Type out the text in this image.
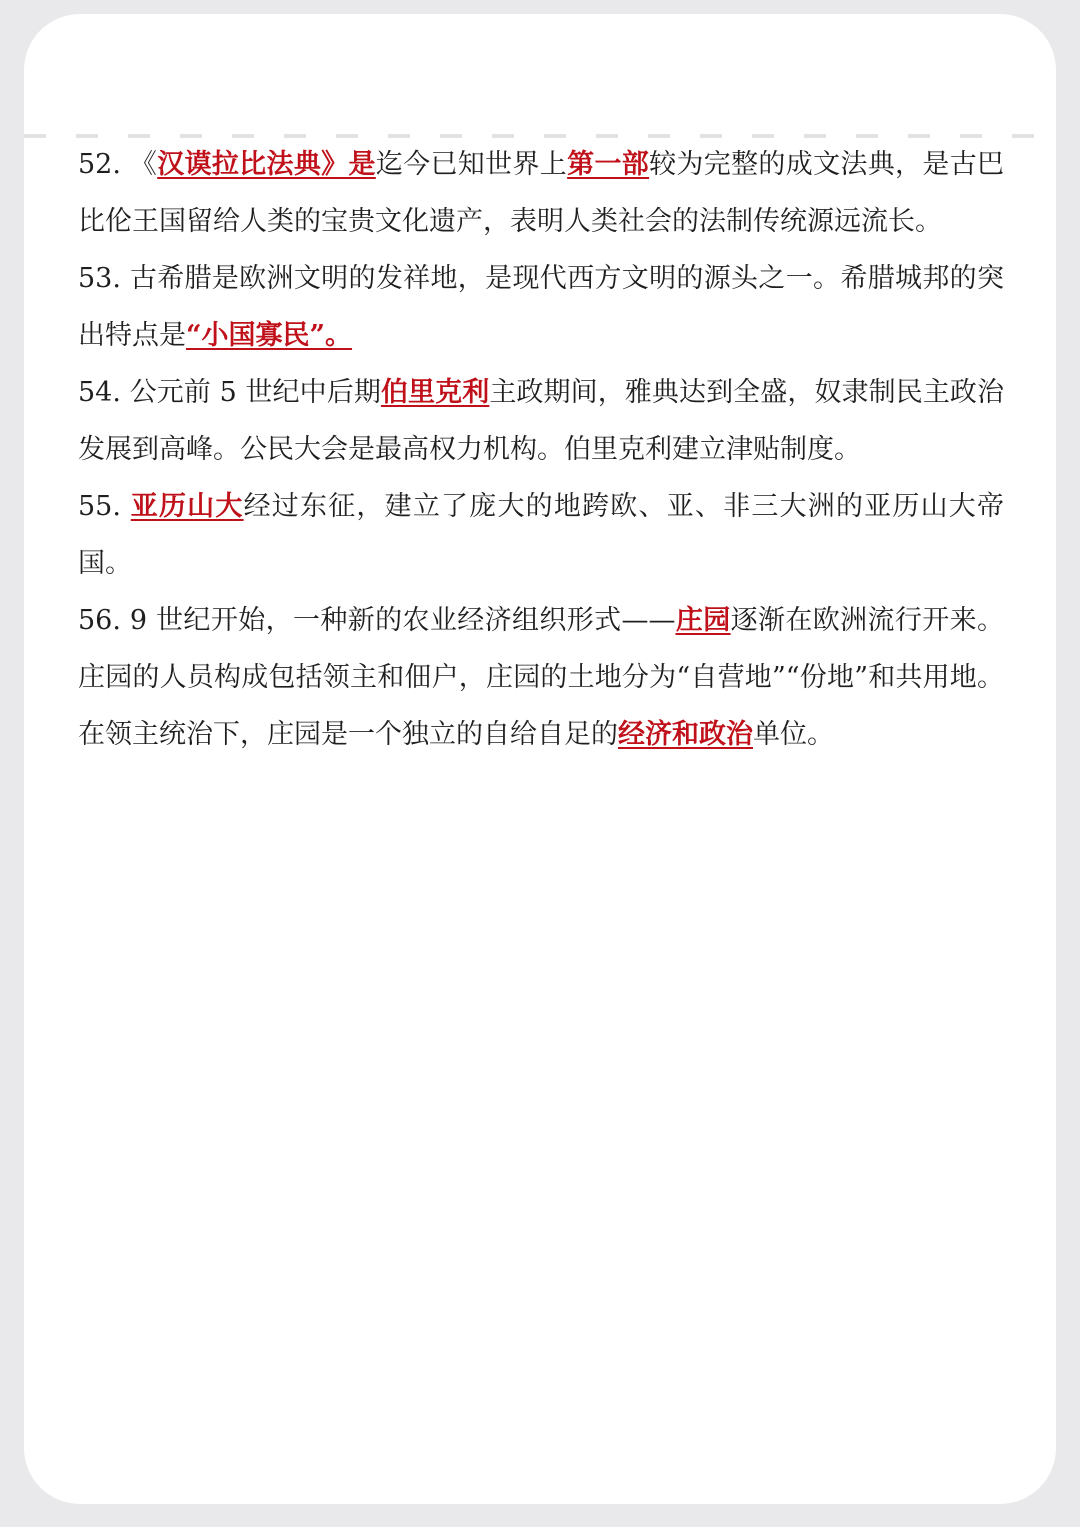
52. 《汉谟拉比法典》是迄今已知世界上第一部较为完整的成文法典，是古巴比伦王国留给人类的宝贵文化遗产，表明人类社会的法制传统源远流长。

53. 古希腊是欧洲文明的发祥地，是现代西方文明的源头之一。希腊城邦的突出特点是“小国寡民”。

54. 公元前 5 世纪中后期伯里克利主政期间，雅典达到全盛，奴隶制民主政治发展到高峰。公民大会是最高权力机构。伯里克利建立津贴制度。

55. 亚历山大经过东征，建立了庞大的地跨欧、亚、非三大洲的亚历山大帝国。

56. 9 世纪开始，一种新的农业经济组织形式——庄园逐渐在欧洲流行开来。庄园的人员构成包括领主和佃户，庄园的土地分为“自营地”“份地”和共用地。在领主统治下，庄园是一个独立的自给自足的经济和政治单位。
